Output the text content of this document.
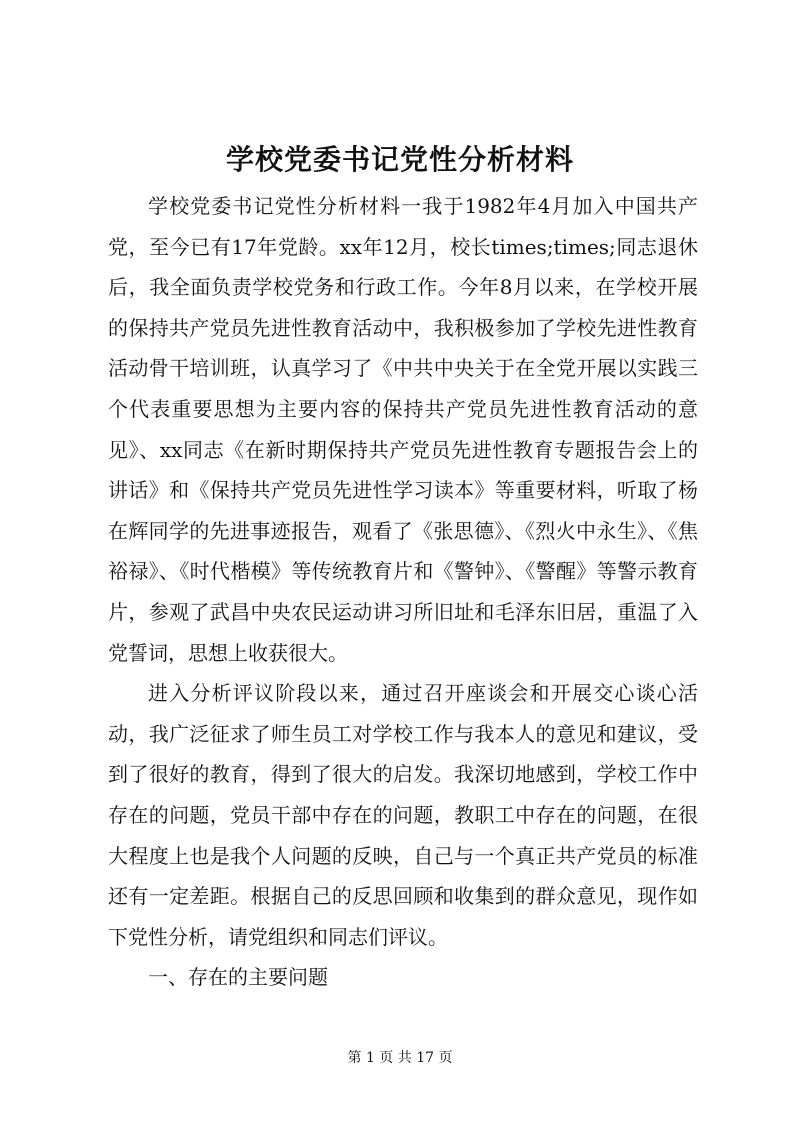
学校党委书记党性分析材料

学校党委书记党性分析材料一我于1982年4月加入中国共产党，至今已有17年党龄。xx年12月，校长times;times;同志退休后，我全面负责学校党务和行政工作。今年8月以来，在学校开展的保持共产党员先进性教育活动中，我积极参加了学校先进性教育活动骨干培训班，认真学习了《中共中央关于在全党开展以实践三个代表重要思想为主要内容的保持共产党员先进性教育活动的意见》、xx同志《在新时期保持共产党员先进性教育专题报告会上的讲话》和《保持共产党员先进性学习读本》等重要材料，听取了杨在辉同学的先进事迹报告，观看了《张思德》、《烈火中永生》、《焦裕禄》、《时代楷模》等传统教育片和《警钟》、《警醒》等警示教育片，参观了武昌中央农民运动讲习所旧址和毛泽东旧居，重温了入党誓词，思想上收获很大。

进入分析评议阶段以来，通过召开座谈会和开展交心谈心活动，我广泛征求了师生员工对学校工作与我本人的意见和建议，受到了很好的教育，得到了很大的启发。我深切地感到，学校工作中存在的问题，党员干部中存在的问题，教职工中存在的问题，在很大程度上也是我个人问题的反映，自己与一个真正共产党员的标准还有一定差距。根据自己的反思回顾和收集到的群众意见，现作如下党性分析，请党组织和同志们评议。

一、存在的主要问题

第 1 页 共 17 页
